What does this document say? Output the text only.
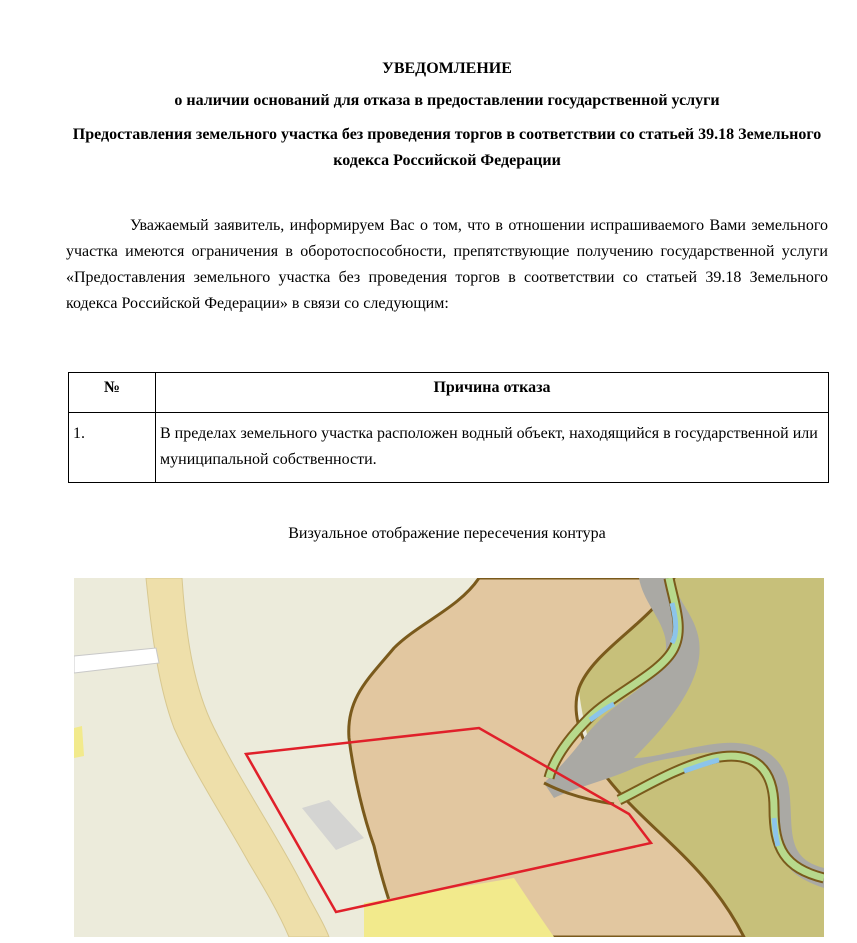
УВЕДОМЛЕНИЕ
о наличии оснований для отказа в предоставлении государственной услуги
Предоставления земельного участка без проведения торгов в соответствии со статьей 39.18 Земельного кодекса Российской Федерации
Уважаемый заявитель, информируем Вас о том, что в отношении испрашиваемого Вами земельного участка имеются ограничения в оборотоспособности, препятствующие получению государственной услуги «Предоставления земельного участка без проведения торгов в соответствии со статьей 39.18 Земельного кодекса Российской Федерации» в связи со следующим:
№	Причина отказа
1.	В пределах земельного участка расположен водный объект, находящийся в государственной или муниципальной собственности.
Визуальное отображение пересечения контура
